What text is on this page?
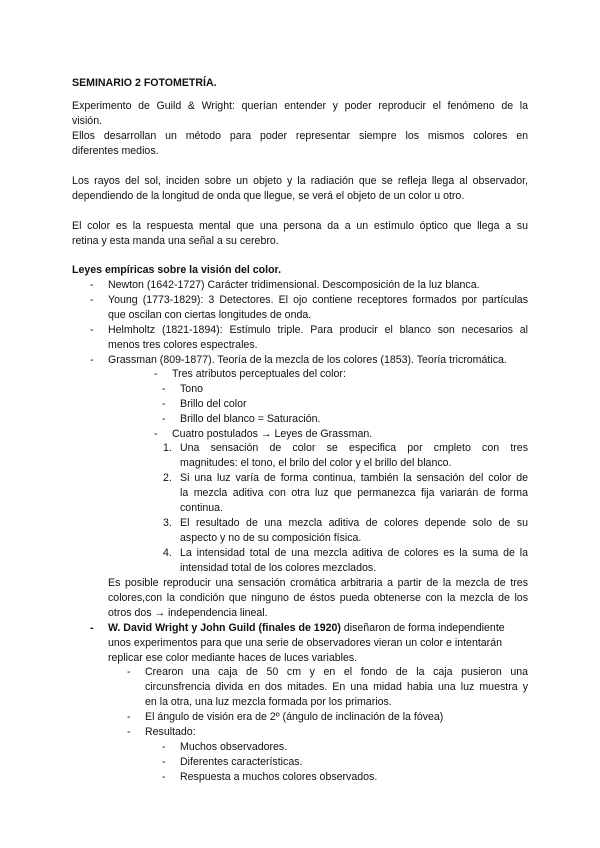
SEMINARIO 2 FOTOMETRÍA.
Experimento de Guild & Wright: querían entender y poder reproducir el fenómeno de la
visión.
Ellos desarrollan un método para poder representar siempre los mismos colores en
diferentes medios.
Los rayos del sol, inciden sobre un objeto y la radiación que se refleja llega al observador,
dependiendo de la longitud de onda que llegue, se verá el objeto de un color u otro.
El color es la respuesta mental que una persona da a un estímulo óptico que llega a su
retina y esta manda una señal a su cerebro.
Leyes empíricas sobre la visión del color.
- Newton (1642-1727) Carácter tridimensional. Descomposición de la luz blanca.
- Young (1773-1829): 3 Detectores. El ojo contiene receptores formados por partículas
que oscilan con ciertas longitudes de onda.
- Helmholtz (1821-1894): Estímulo triple. Para producir el blanco son necesarios al
menos tres colores espectrales.
- Grassman (809-1877). Teoría de la mezcla de los colores (1853). Teoría tricromática.
- Tres atributos perceptuales del color:
- Tono
- Brillo del color
- Brillo del blanco = Saturación.
- Cuatro postulados → Leyes de Grassman.
1. Una sensación de color se especifica por cmpleto con tres
magnitudes: el tono, el brilo del color y el brillo del blanco.
2. Si una luz varía de forma continua, también la sensación del color de
la mezcla aditiva con otra luz que permanezca fija variarán de forma
continua.
3. El resultado de una mezcla aditiva de colores depende solo de su
aspecto y no de su composición física.
4. La intensidad total de una mezcla aditiva de colores es la suma de la
intensidad total de los colores mezclados.
Es posible reproducir una sensación cromática arbitraria a partir de la mezcla de tres
colores,con la condición que ninguno de éstos pueda obtenerse con la mezcla de los
otros dos → independencia lineal.
- W. David Wright y John Guild (finales de 1920) diseñaron de forma independiente
unos experimentos para que una serie de observadores vieran un color e intentarán
replicar ese color mediante haces de luces variables.
- Crearon una caja de 50 cm y en el fondo de la caja pusieron una
circunsfrencia divida en dos mitades. En una midad habia una luz muestra y
en la otra, una luz mezcla formada por los primarios.
- El ángulo de visión era de 2º (ángulo de inclinación de la fóvea)
- Resultado:
- Muchos observadores.
- Diferentes características.
- Respuesta a muchos colores observados.
